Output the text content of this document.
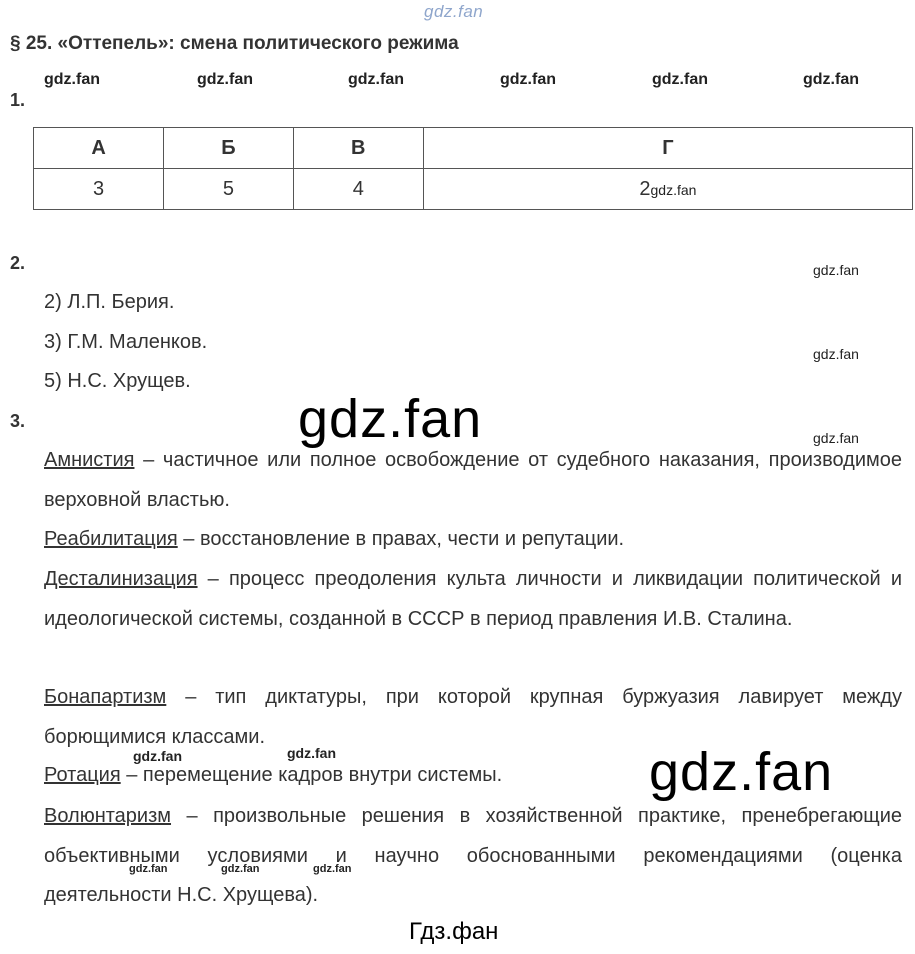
gdz.fan
§ 25. «Оттепель»: смена политического режима
gdz.fan	gdz.fan	gdz.fan	gdz.fan	gdz.fan	gdz.fan
1.
А	Б	В	Г
3	5	4	2gdz.fan
2.	gdz.fan
2) Л.П. Берия.
3) Г.М. Маленков.
gdz.fan
5) Н.С. Хрущев.
3.	gdz.fan	gdz.fan
Амнистия – частичное или полное освобождение от судебного наказания, производимое верховной властью.
Реабилитация – восстановление в правах, чести и репутации.
Десталинизация – процесс преодоления культа личности и ликвидации политической и идеологической системы, созданной в СССР в период правления И.В. Сталина.
Бонапартизм – тип диктатуры, при которой крупная буржуазия лавирует между борющимися классами.
gdz.fan	gdz.fan
Ротация – перемещение кадров внутри системы.	gdz.fan
Волюнтаризм – произвольные решения в хозяйственной практике, пренебрегающие объективными условиями и научно обоснованными рекомендациями (оценка деятельности Н.С. Хрущева).
gdz.fan	gdz.fan	gdz.fan
Гдз.фан
